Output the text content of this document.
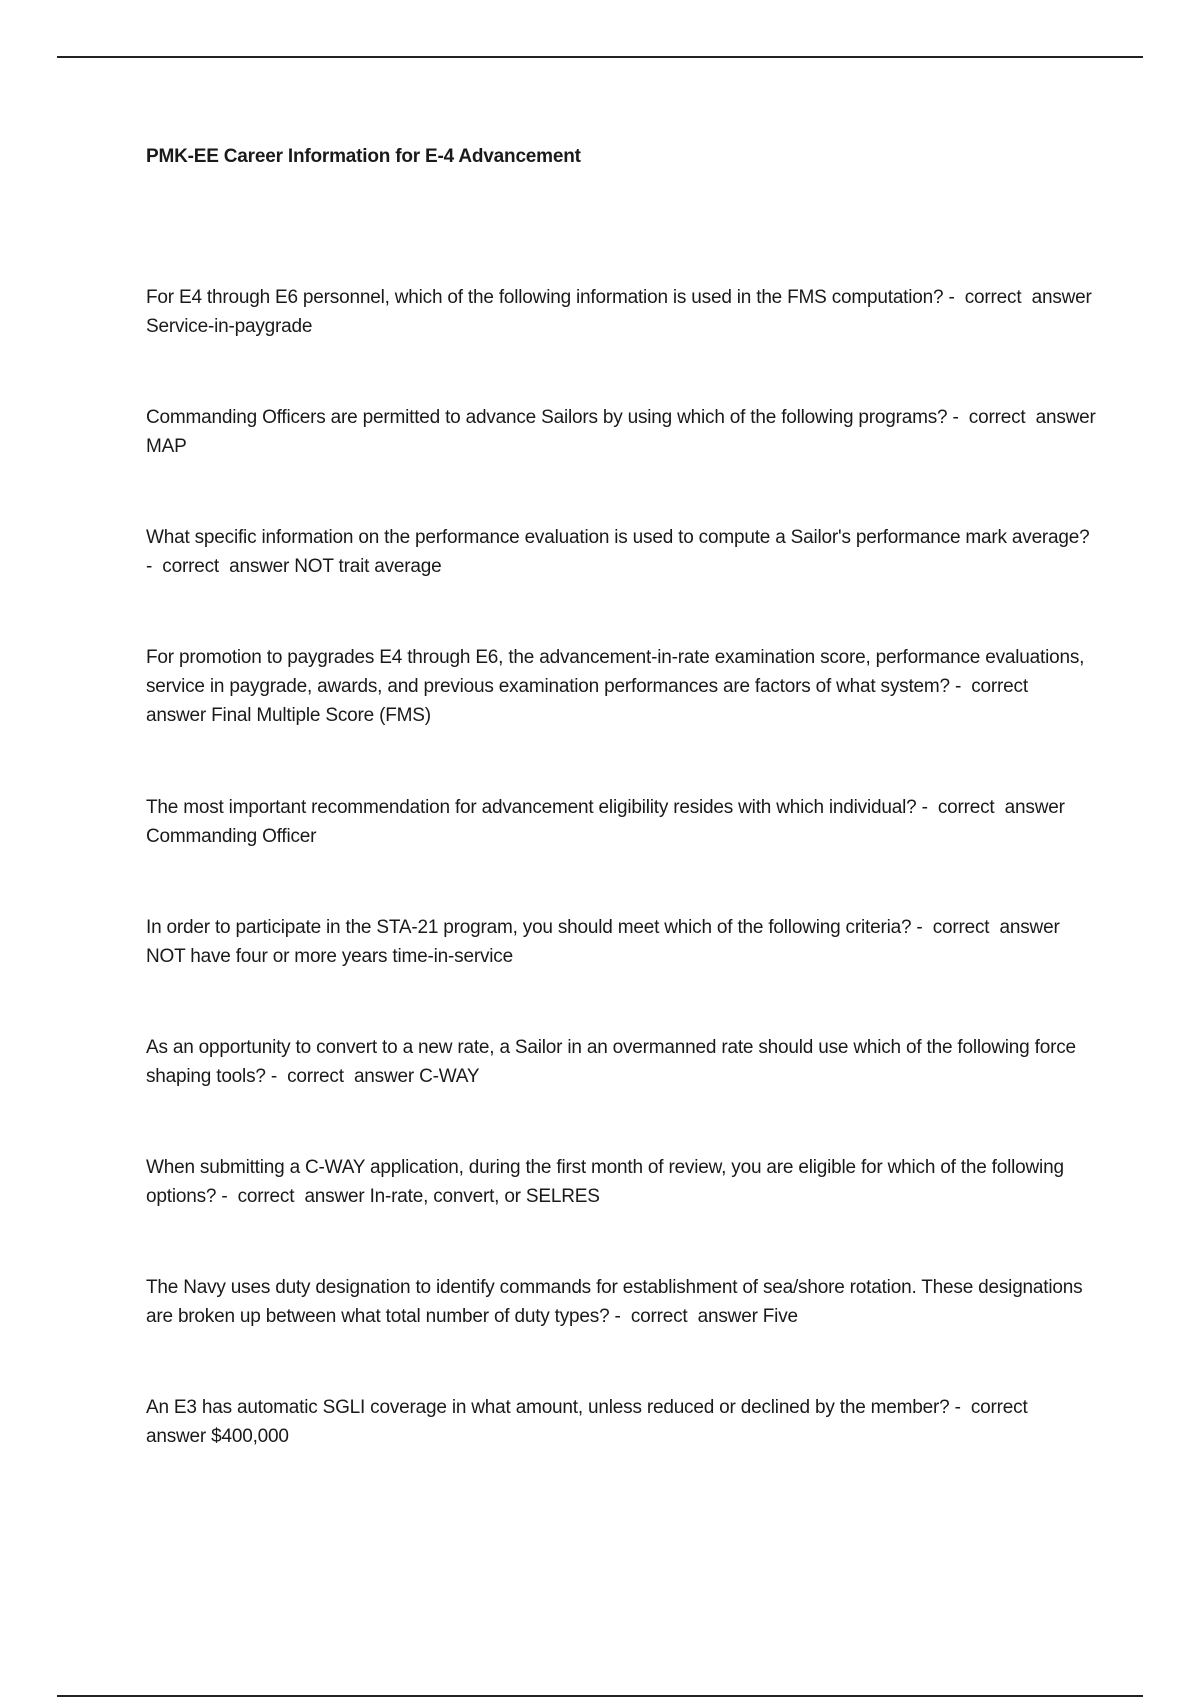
PMK-EE Career Information for E-4 Advancement
For E4 through E6 personnel, which of the following information is used in the FMS computation? -  correct  answer Service-in-paygrade
Commanding Officers are permitted to advance Sailors by using which of the following programs? -  correct  answer MAP
What specific information on the performance evaluation is used to compute a Sailor's performance mark average? -  correct  answer NOT trait average
For promotion to paygrades E4 through E6, the advancement-in-rate examination score, performance evaluations, service in paygrade, awards, and previous examination performances are factors of what system? -  correct  answer Final Multiple Score (FMS)
The most important recommendation for advancement eligibility resides with which individual? -  correct  answer Commanding Officer
In order to participate in the STA-21 program, you should meet which of the following criteria? -  correct  answer NOT have four or more years time-in-service
As an opportunity to convert to a new rate, a Sailor in an overmanned rate should use which of the following force shaping tools? -  correct  answer C-WAY
When submitting a C-WAY application, during the first month of review, you are eligible for which of the following options? -  correct  answer In-rate, convert, or SELRES
The Navy uses duty designation to identify commands for establishment of sea/shore rotation. These designations are broken up between what total number of duty types? -  correct  answer Five
An E3 has automatic SGLI coverage in what amount, unless reduced or declined by the member? -  correct  answer $400,000
